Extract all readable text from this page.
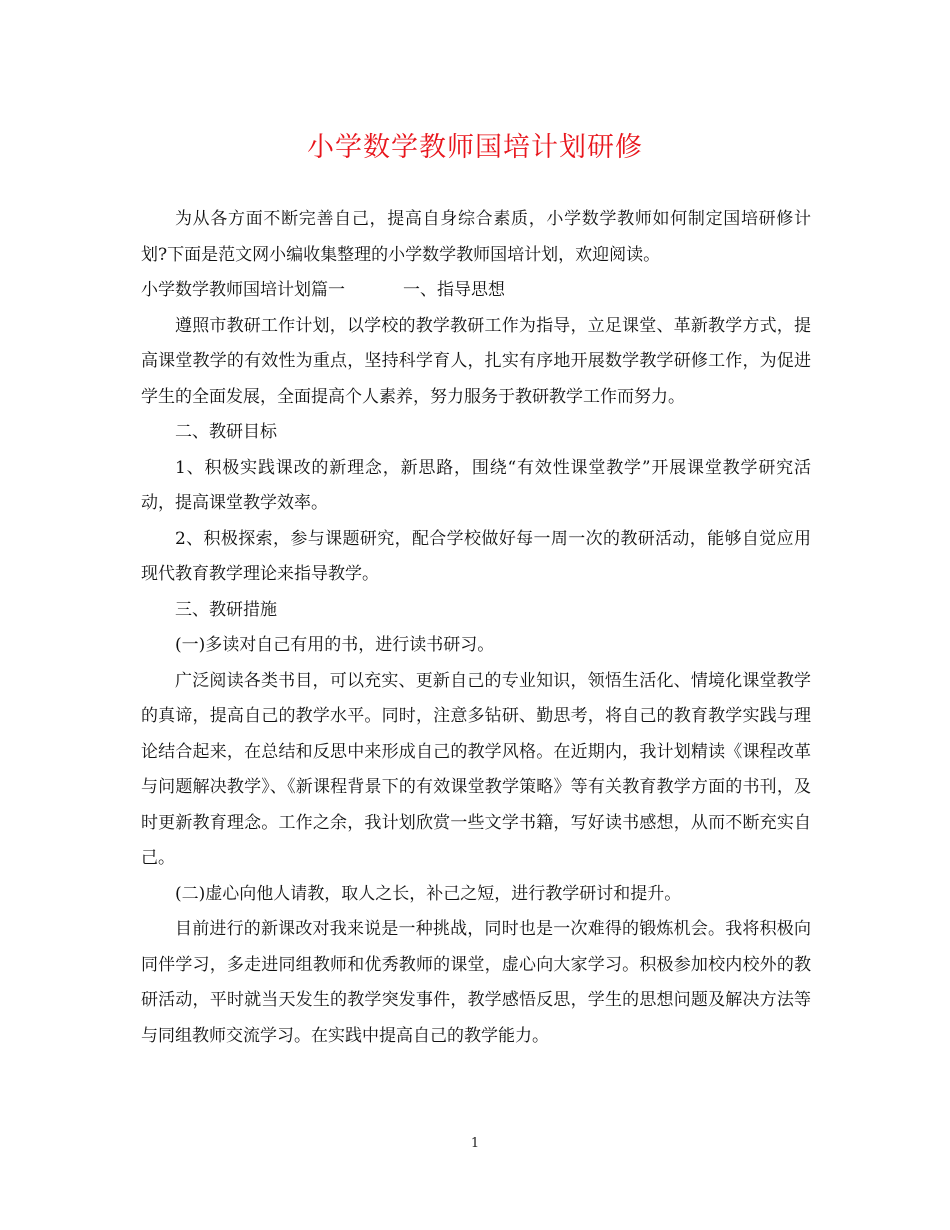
小学数学教师国培计划研修

为从各方面不断完善自己，提高自身综合素质，小学数学教师如何制定国培研修计划?下面是范文网小编收集整理的小学数学教师国培计划，欢迎阅读。

小学数学教师国培计划篇一	一、指导思想

遵照市教研工作计划，以学校的教学教研工作为指导，立足课堂、革新教学方式，提高课堂教学的有效性为重点，坚持科学育人，扎实有序地开展数学教学研修工作，为促进学生的全面发展，全面提高个人素养，努力服务于教研教学工作而努力。

二、教研目标

1、积极实践课改的新理念，新思路，围绕“有效性课堂教学”开展课堂教学研究活动，提高课堂教学效率。

2、积极探索，参与课题研究，配合学校做好每一周一次的教研活动，能够自觉应用现代教育教学理论来指导教学。

三、教研措施

(一)多读对自己有用的书，进行读书研习。

广泛阅读各类书目，可以充实、更新自己的专业知识，领悟生活化、情境化课堂教学的真谛，提高自己的教学水平。同时，注意多钻研、勤思考，将自己的教育教学实践与理论结合起来，在总结和反思中来形成自己的教学风格。在近期内，我计划精读《课程改革与问题解决教学》、《新课程背景下的有效课堂教学策略》等有关教育教学方面的书刊，及时更新教育理念。工作之余，我计划欣赏一些文学书籍，写好读书感想，从而不断充实自己。

(二)虚心向他人请教，取人之长，补己之短，进行教学研讨和提升。

目前进行的新课改对我来说是一种挑战，同时也是一次难得的锻炼机会。我将积极向同伴学习，多走进同组教师和优秀教师的课堂，虚心向大家学习。积极参加校内校外的教研活动，平时就当天发生的教学突发事件，教学感悟反思，学生的思想问题及解决方法等与同组教师交流学习。在实践中提高自己的教学能力。

1
